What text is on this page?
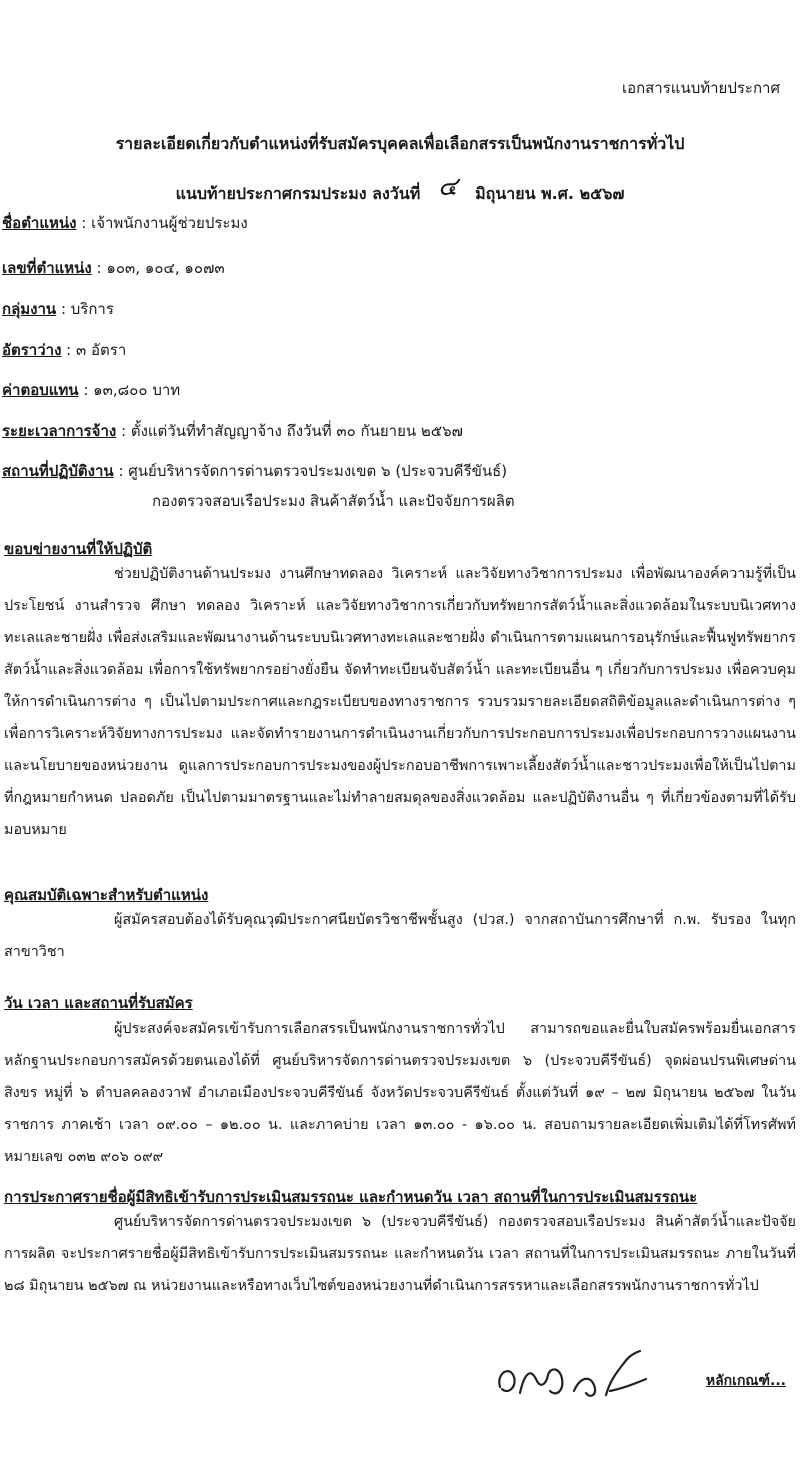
เอกสารแนบท้ายประกาศ
รายละเอียดเกี่ยวกับตำแหน่งที่รับสมัครบุคคลเพื่อเลือกสรรเป็นพนักงานราชการทั่วไป
แนบท้ายประกาศกรมประมง ลงวันที่ ๔ มิถุนายน พ.ศ. ๒๕๖๗
ชื่อตำแหน่ง : เจ้าพนักงานผู้ช่วยประมง
เลขที่ตำแหน่ง : ๑๐๓, ๑๐๔, ๑๐๗๓
กลุ่มงาน : บริการ
อัตราว่าง : ๓ อัตรา
ค่าตอบแทน : ๑๓,๘๐๐ บาท
ระยะเวลาการจ้าง : ตั้งแต่วันที่ทำสัญญาจ้าง ถึงวันที่ ๓๐ กันยายน ๒๕๖๗
สถานที่ปฏิบัติงาน : ศูนย์บริหารจัดการด่านตรวจประมงเขต ๖ (ประจวบคีรีขันธ์)
กองตรวจสอบเรือประมง สินค้าสัตว์น้ำ และปัจจัยการผลิต
ขอบข่ายงานที่ให้ปฏิบัติ
ช่วยปฏิบัติงานด้านประมง งานศึกษาทดลอง วิเคราะห์ และวิจัยทางวิชาการประมง เพื่อพัฒนาองค์ความรู้ที่เป็นประโยชน์ งานสำรวจ ศึกษา ทดลอง วิเคราะห์ และวิจัยทางวิชาการเกี่ยวกับทรัพยากรสัตว์น้ำและสิ่งแวดล้อมในระบบนิเวศทางทะเลและชายฝั่ง เพื่อส่งเสริมและพัฒนางานด้านระบบนิเวศทางทะเลและชายฝั่ง ดำเนินการตามแผนการอนุรักษ์และฟื้นฟูทรัพยากรสัตว์น้ำและสิ่งแวดล้อม เพื่อการใช้ทรัพยากรอย่างยั่งยืน จัดทำทะเบียนจับสัตว์น้ำ และทะเบียนอื่น ๆ เกี่ยวกับการประมง เพื่อควบคุมให้การดำเนินการต่าง ๆ เป็นไปตามประกาศและกฎระเบียบของทางราชการ รวบรวมรายละเอียดสถิติข้อมูลและดำเนินการต่าง ๆ เพื่อการวิเคราะห์วิจัยทางการประมง และจัดทำรายงานการดำเนินงานเกี่ยวกับการประกอบการประมงเพื่อประกอบการวางแผนงานและนโยบายของหน่วยงาน ดูแลการประกอบการประมงของผู้ประกอบอาชีพการเพาะเลี้ยงสัตว์น้ำและชาวประมงเพื่อให้เป็นไปตามที่กฎหมายกำหนด ปลอดภัย เป็นไปตามมาตรฐานและไม่ทำลายสมดุลของสิ่งแวดล้อม และปฏิบัติงานอื่น ๆ ที่เกี่ยวข้องตามที่ได้รับมอบหมาย
คุณสมบัติเฉพาะสำหรับตำแหน่ง
ผู้สมัครสอบต้องได้รับคุณวุฒิประกาศนียบัตรวิชาชีพชั้นสูง (ปวส.) จากสถาบันการศึกษาที่ ก.พ. รับรอง ในทุกสาขาวิชา
วัน เวลา และสถานที่รับสมัคร
ผู้ประสงค์จะสมัครเข้ารับการเลือกสรรเป็นพนักงานราชการทั่วไป สามารถขอและยื่นใบสมัครพร้อมยื่นเอกสารหลักฐานประกอบการสมัครด้วยตนเองได้ที่ ศูนย์บริหารจัดการด่านตรวจประมงเขต ๖ (ประจวบคีรีขันธ์) จุดผ่อนปรนพิเศษด่านสิงขร หมู่ที่ ๖ ตำบลคลองวาฬ อำเภอเมืองประจวบคีรีขันธ์ จังหวัดประจวบคีรีขันธ์ ตั้งแต่วันที่ ๑๙ – ๒๗ มิถุนายน ๒๕๖๗ ในวันราชการ ภาคเช้า เวลา ๐๙.๐๐ – ๑๒.๐๐ น. และภาคบ่าย เวลา ๑๓.๐๐ - ๑๖.๐๐ น. สอบถามรายละเอียดเพิ่มเติมได้ที่โทรศัพท์หมายเลข ๐๓๒ ๙๐๖ ๐๙๙
การประกาศรายชื่อผู้มีสิทธิเข้ารับการประเมินสมรรถนะ และกำหนดวัน เวลา สถานที่ในการประเมินสมรรถนะ
ศูนย์บริหารจัดการด่านตรวจประมงเขต ๖ (ประจวบคีรีขันธ์) กองตรวจสอบเรือประมง สินค้าสัตว์น้ำและปัจจัยการผลิต จะประกาศรายชื่อผู้มีสิทธิเข้ารับการประเมินสมรรถนะ และกำหนดวัน เวลา สถานที่ในการประเมินสมรรถนะ ภายในวันที่ ๒๘ มิถุนายน ๒๕๖๗ ณ หน่วยงานและหรือทางเว็บไซต์ของหน่วยงานที่ดำเนินการสรรหาและเลือกสรรพนักงานราชการทั่วไป
หลักเกณฑ์...
